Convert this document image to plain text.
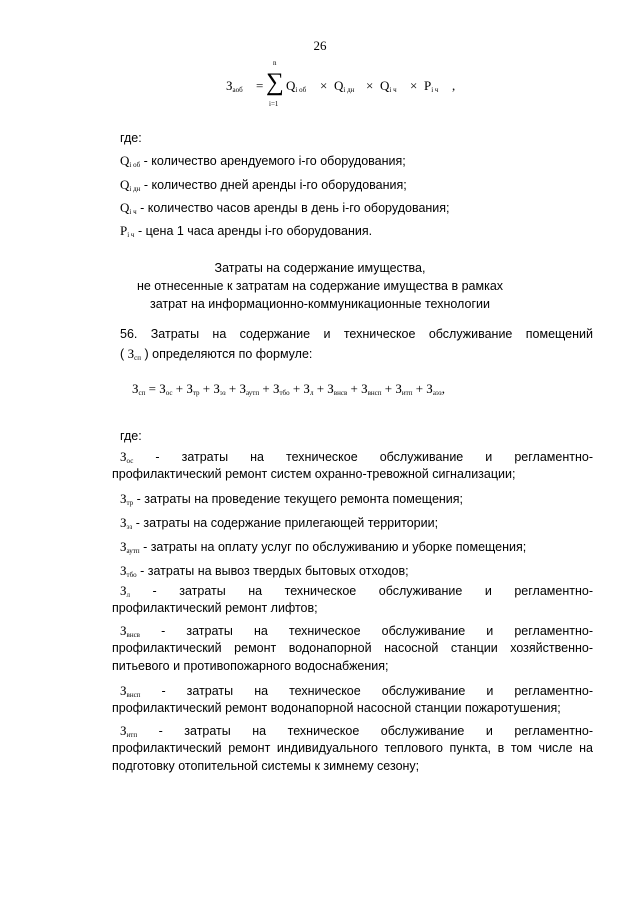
26
$З_{аоб}$ =
n
∑
i=1
$Q_{i об} \times Q_{i дн} \times Q_{i ч} \times P_{i ч}$ ,
где:
$Q_{i об}$ - количество арендуемого i-го оборудования;
$Q_{i дн}$ - количество дней аренды i-го оборудования;
$Q_{i ч}$ - количество часов аренды в день i-го оборудования;
$P_{i ч}$ - цена 1 часа аренды i-го оборудования.
Затраты на содержание имущества,
не отнесенные к затратам на содержание имущества в рамках
затрат на информационно-коммуникационные технологии
56. Затраты на содержание и техническое обслуживание помещений
( $З_{сп}$ ) определяются по формуле:
$З_{сп} = З_{ос} + З_{тр} + З_{эз} + З_{аутп} + З_{тбо} + З_л + З_{внсв} + З_{внсп} + З_{итп} + З_{аэз}$,
где:
$З_{ос}$ - затраты на техническое обслуживание и регламентно-
профилактический ремонт систем охранно-тревожной сигнализации;
$З_{тр}$ - затраты на проведение текущего ремонта помещения;
$З_{эз}$ - затраты на содержание прилегающей территории;
$З_{аутп}$ - затраты на оплату услуг по обслуживанию и уборке помещения;
$З_{тбо}$ - затраты на вывоз твердых бытовых отходов;
$З_л$ - затраты на техническое обслуживание и регламентно-
профилактический ремонт лифтов;
$З_{внсв}$ - затраты на техническое обслуживание и регламентно-
профилактический ремонт водонапорной насосной станции хозяйственно-
питьевого и противопожарного водоснабжения;
$З_{внсп}$ - затраты на техническое обслуживание и регламентно-
профилактический ремонт водонапорной насосной станции пожаротушения;
$З_{итп}$ - затраты на техническое обслуживание и регламентно-
профилактический ремонт индивидуального теплового пункта, в том числе на
подготовку отопительной системы к зимнему сезону;
